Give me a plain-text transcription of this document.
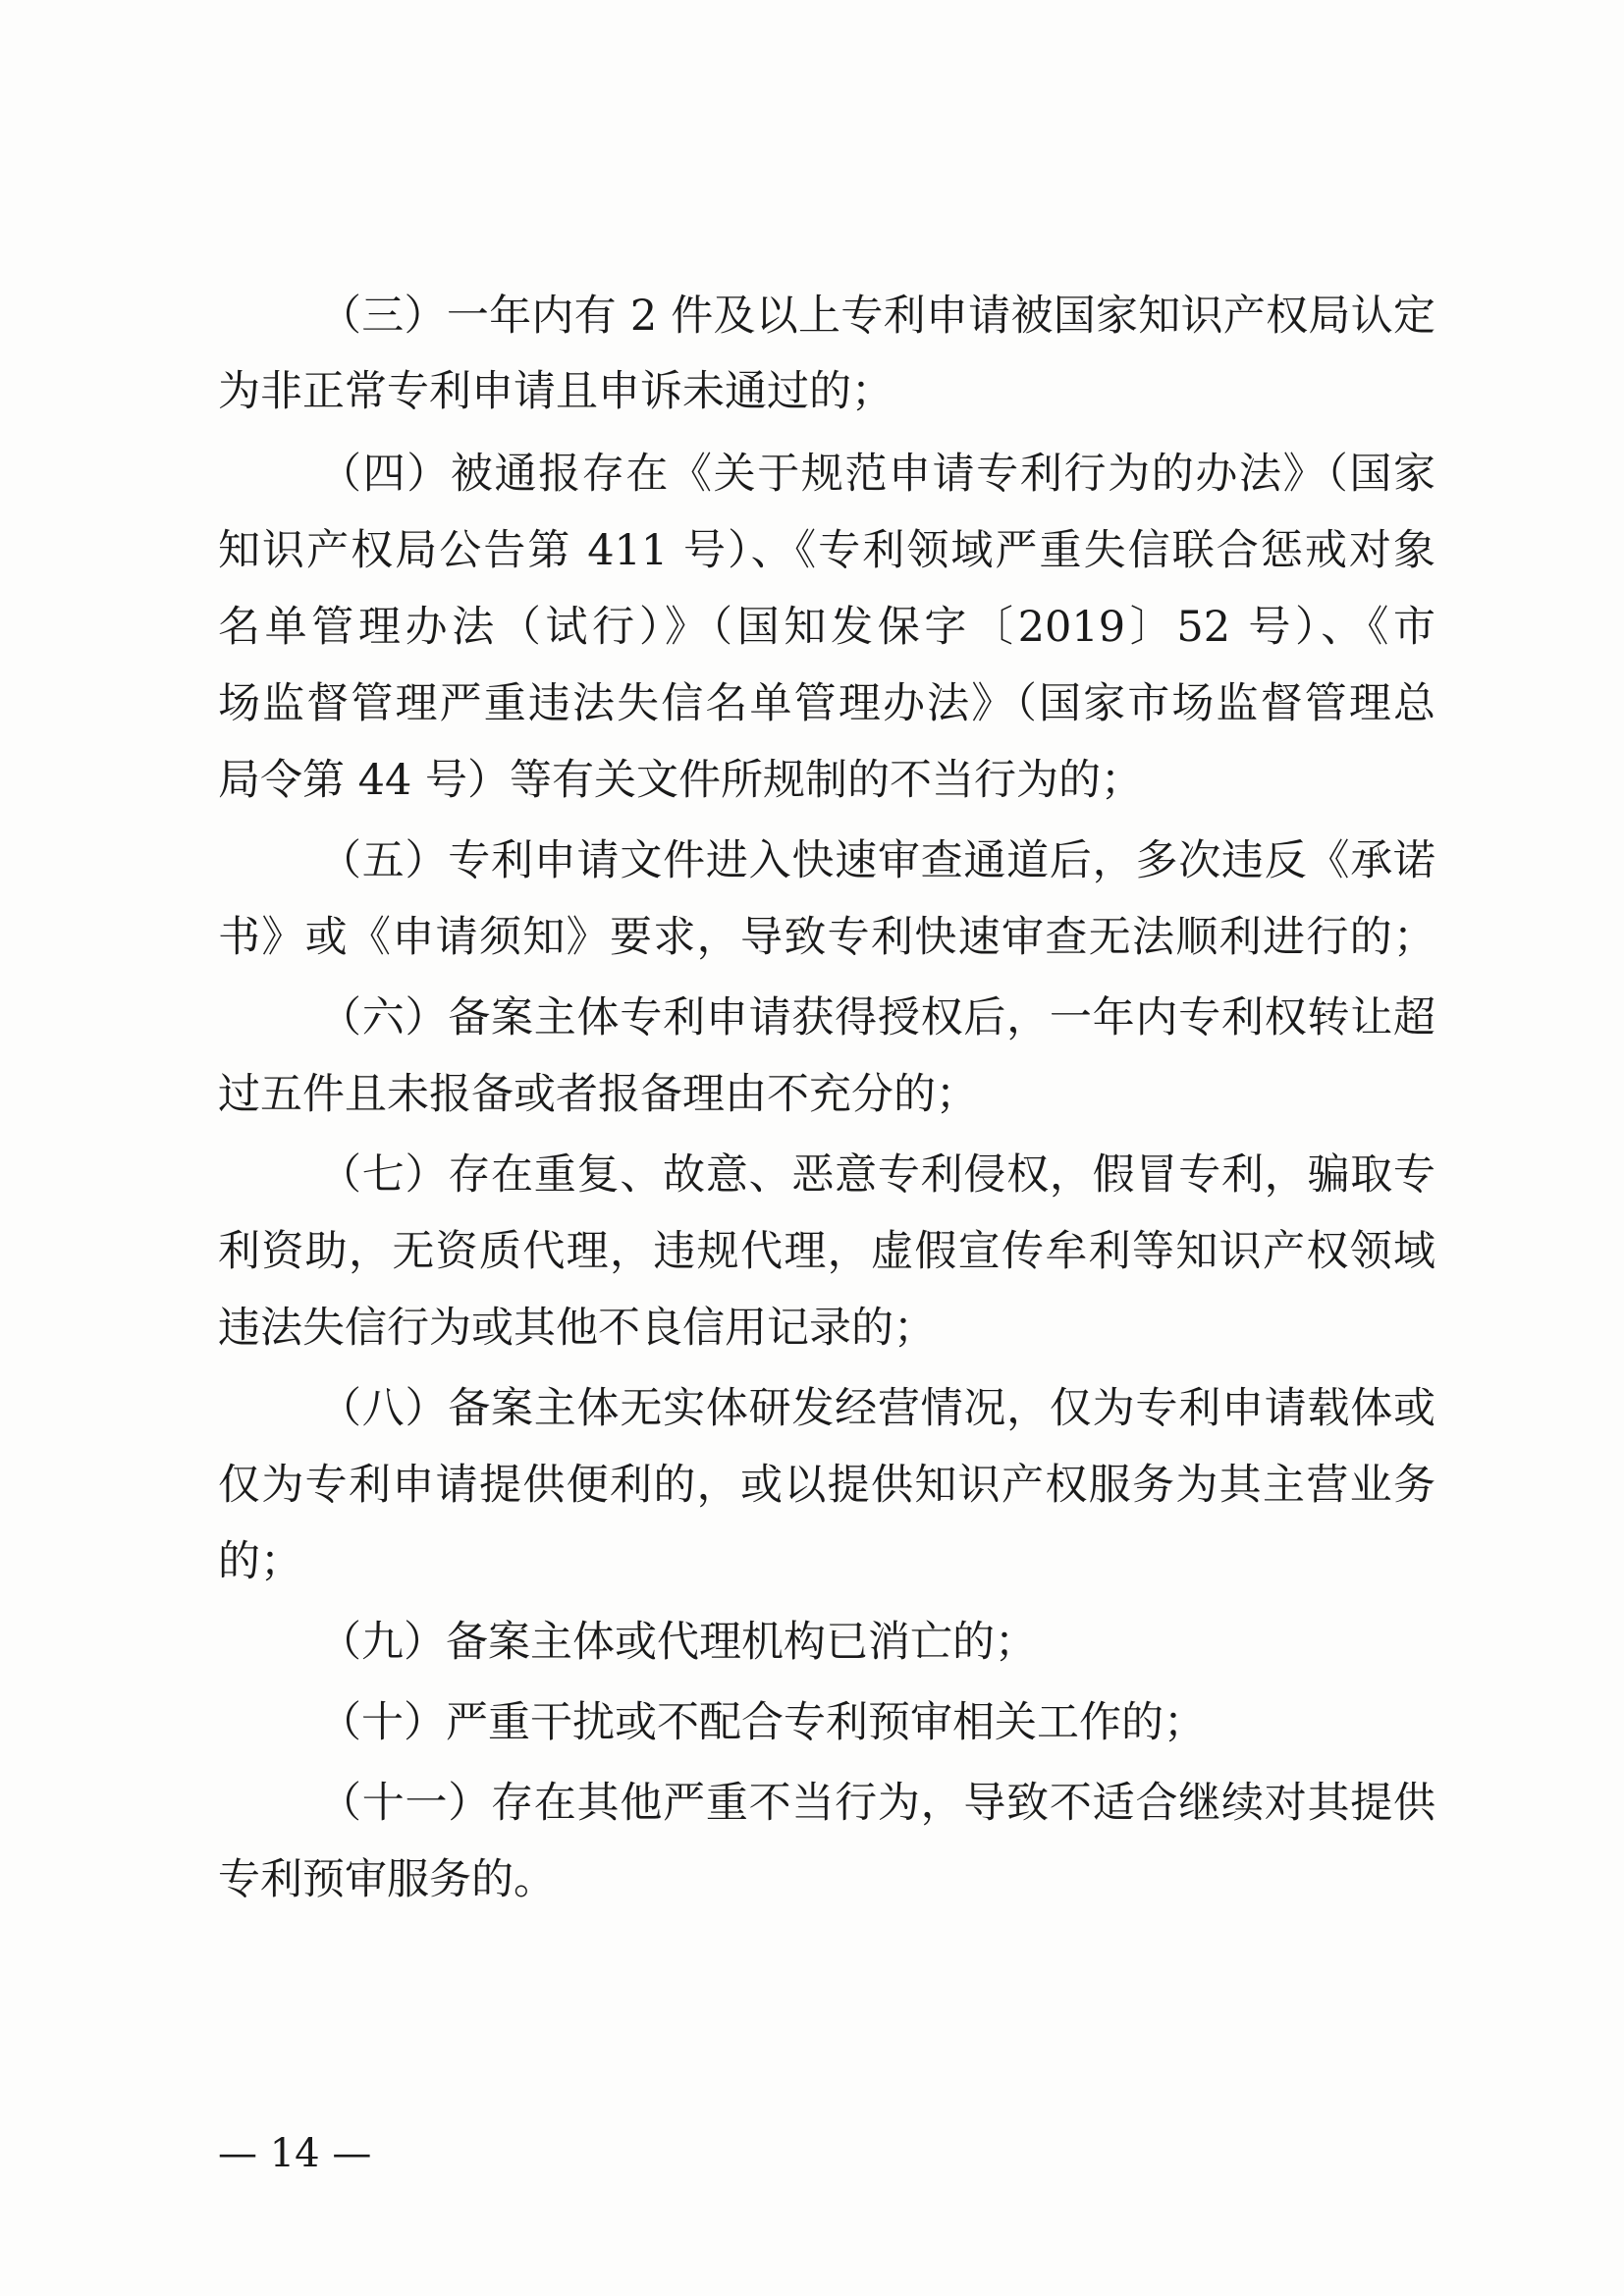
（三）一年内有 2 件及以上专利申请被国家知识产权局认定
为非正常专利申请且申诉未通过的；
（四）被通报存在《关于规范申请专利行为的办法》（国家
知识产权局公告第 411 号）、《专利领域严重失信联合惩戒对象
名单管理办法（试行）》（国知发保字〔2019〕52 号）、《市
场监督管理严重违法失信名单管理办法》（国家市场监督管理总
局令第 44 号）等有关文件所规制的不当行为的；
（五）专利申请文件进入快速审查通道后，多次违反《承诺
书》或《申请须知》要求，导致专利快速审查无法顺利进行的；
（六）备案主体专利申请获得授权后，一年内专利权转让超
过五件且未报备或者报备理由不充分的；
（七）存在重复、故意、恶意专利侵权，假冒专利，骗取专
利资助，无资质代理，违规代理，虚假宣传牟利等知识产权领域
违法失信行为或其他不良信用记录的；
（八）备案主体无实体研发经营情况，仅为专利申请载体或
仅为专利申请提供便利的，或以提供知识产权服务为其主营业务
的；
（九）备案主体或代理机构已消亡的；
（十）严重干扰或不配合专利预审相关工作的；
（十一）存在其他严重不当行为，导致不适合继续对其提供
专利预审服务的。
— 14 —
